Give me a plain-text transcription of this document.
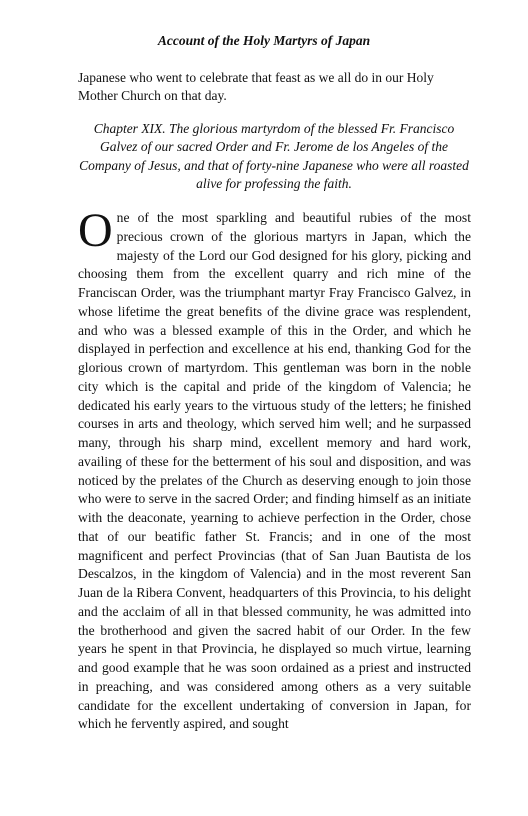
Account of the Holy Martyrs of Japan

Japanese who went to celebrate that feast as we all do in our Holy Mother Church on that day.

Chapter XIX. The glorious martyrdom of the blessed Fr. Francisco Galvez of our sacred Order and Fr. Jerome de los Angeles of the Company of Jesus, and that of forty-nine Japanese who were all roasted alive for professing the faith.

One of the most sparkling and beautiful rubies of the most precious crown of the glorious martyrs in Japan, which the majesty of the Lord our God designed for his glory, picking and choosing them from the excellent quarry and rich mine of the Franciscan Order, was the triumphant martyr Fray Francisco Galvez, in whose lifetime the great benefits of the divine grace was resplendent, and who was a blessed example of this in the Order, and which he displayed in perfection and excellence at his end, thanking God for the glorious crown of martyrdom. This gentleman was born in the noble city which is the capital and pride of the kingdom of Valencia; he dedicated his early years to the virtuous study of the letters; he finished courses in arts and theology, which served him well; and he surpassed many, through his sharp mind, excellent memory and hard work, availing of these for the betterment of his soul and disposition, and was noticed by the prelates of the Church as deserving enough to join those who were to serve in the sacred Order; and finding himself as an initiate with the deaconate, yearning to achieve perfection in the Order, chose that of our beatific father St. Francis; and in one of the most magnificent and perfect Provincias (that of San Juan Bautista de los Descalzos, in the kingdom of Valencia) and in the most reverent San Juan de la Ribera Convent, headquarters of this Provincia, to his delight and the acclaim of all in that blessed community, he was admitted into the brotherhood and given the sacred habit of our Order. In the few years he spent in that Provincia, he displayed so much virtue, learning and good example that he was soon ordained as a priest and instructed in preaching, and was considered among others as a very suitable candidate for the excellent undertaking of conversion in Japan, for which he fervently aspired, and sought
